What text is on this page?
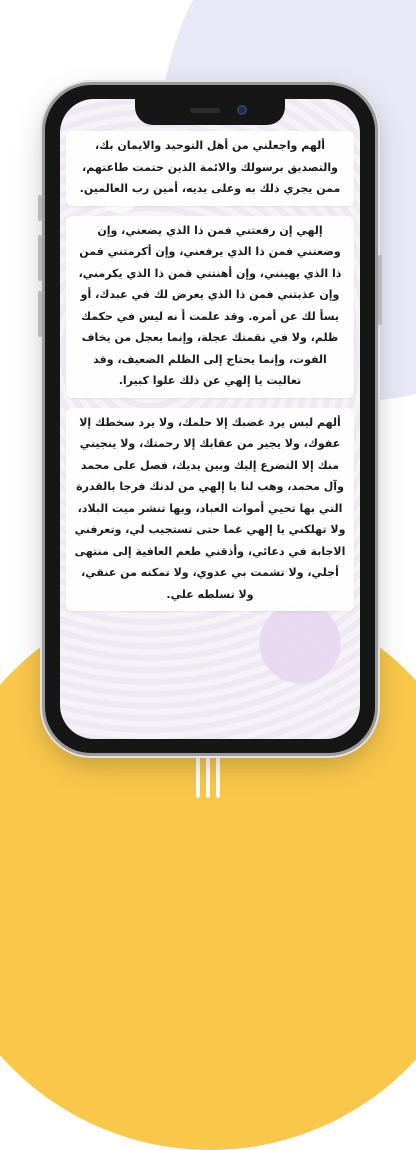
ألهم واجعلني من أهل التوحيد والايمان بك، والتصديق برسولك والائمة الذين حتمت طاعتهم، ممن يجري ذلك به وعلى يديه، أمين رب العالمين.
إلهي إن رفعتني فمن ذا الذي يضعني، وإن وضعتني فمن ذا الذي يرفعني، وإن أكرمتني فمن ذا الذي يهينني، وإن أهنتني فمن ذا الذي يكرمني، وإن عذبتني فمن ذا الذي يعرض لك في عبدك، أو يسأ لك عن أمره. وقد علمت أ نه ليس في حكمك ظلم، ولا في نقمتك عجلة، وإنما يعجل من يخاف الفوت، وإنما يحتاج إلى الظلم الضعيف، وقد تعاليت يا إلهي عن ذلك علوا كبيرا.
ألهم ليس يرد غضبك إلا حلمك، ولا يرد سخطك إلا عفوك، ولا يجير من عقابك إلا رحمتك، ولا ينجيني منك إلا التضرع إليك وبين يديك، فصل على محمد وآل محمد، وهب لنا يا إلهي من لدنك فرجا بالقدرة التي بها تحيي أموات العباد، وبها تنشر ميت البلاد، ولا تهلكني يا إلهي غما حتى تستجيب لي، وتعرفني الاجابة في دعائي، وأذقني طعم العافية إلى منتهى أجلي، ولا تشمت بي عدوي، ولا تمكنه من عنقي، ولا تسلطه علي.
